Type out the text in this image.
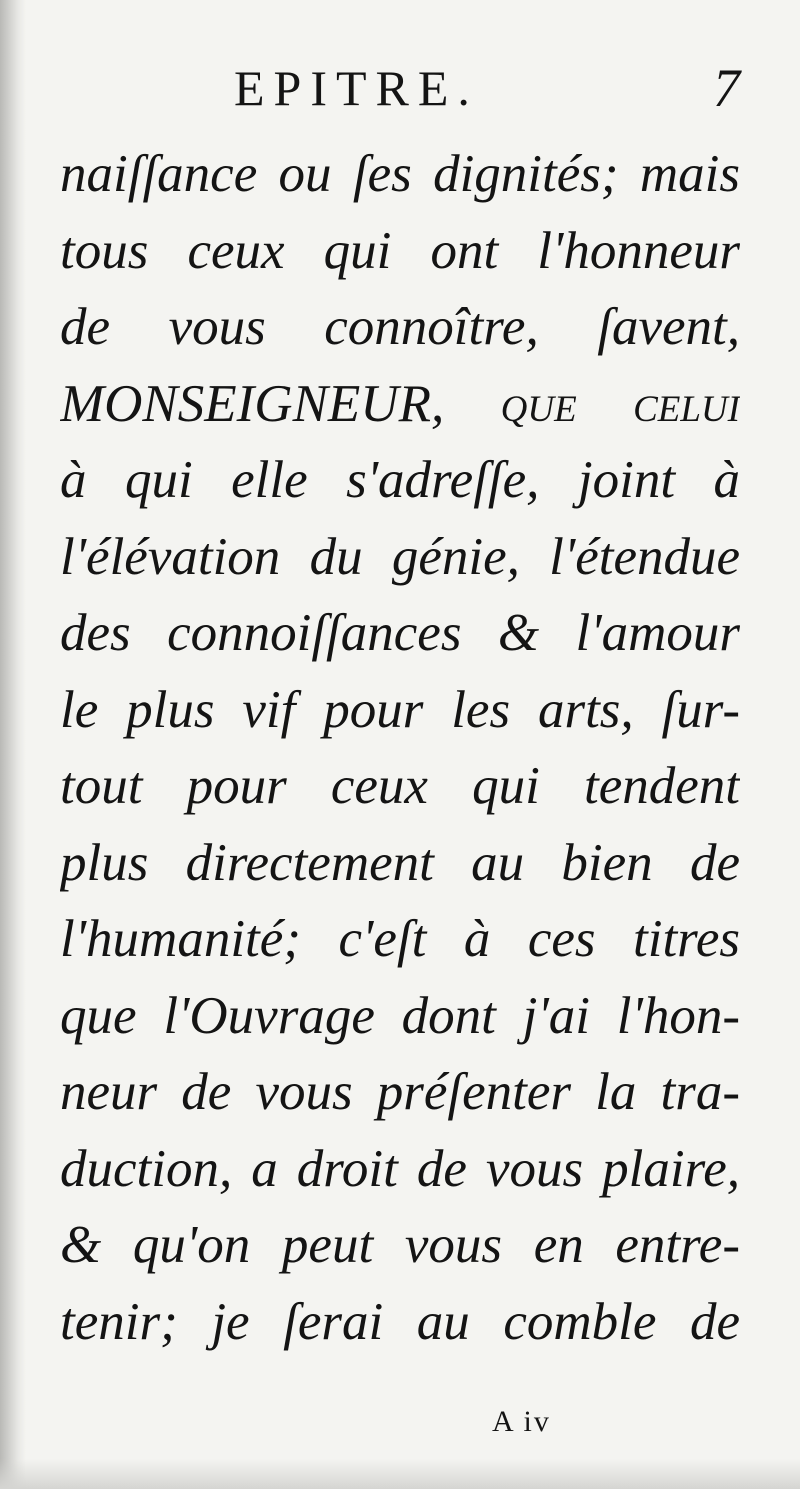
EPITRE.	7
naiſſance ou ſes dignités; mais
tous ceux qui ont l'honneur
de vous connoître, ſavent,
MONSEIGNEUR, que celui
à qui elle s'adreſſe, joint à
l'élévation du génie, l'étendue
des connoiſſances & l'amour
le plus vif pour les arts, ſur-
tout pour ceux qui tendent
plus directement au bien de
l'humanité; c'eſt à ces titres
que l'Ouvrage dont j'ai l'hon-
neur de vous préſenter la tra-
duction, a droit de vous plaire,
& qu'on peut vous en entre-
tenir; je ſerai au comble de
A iv
